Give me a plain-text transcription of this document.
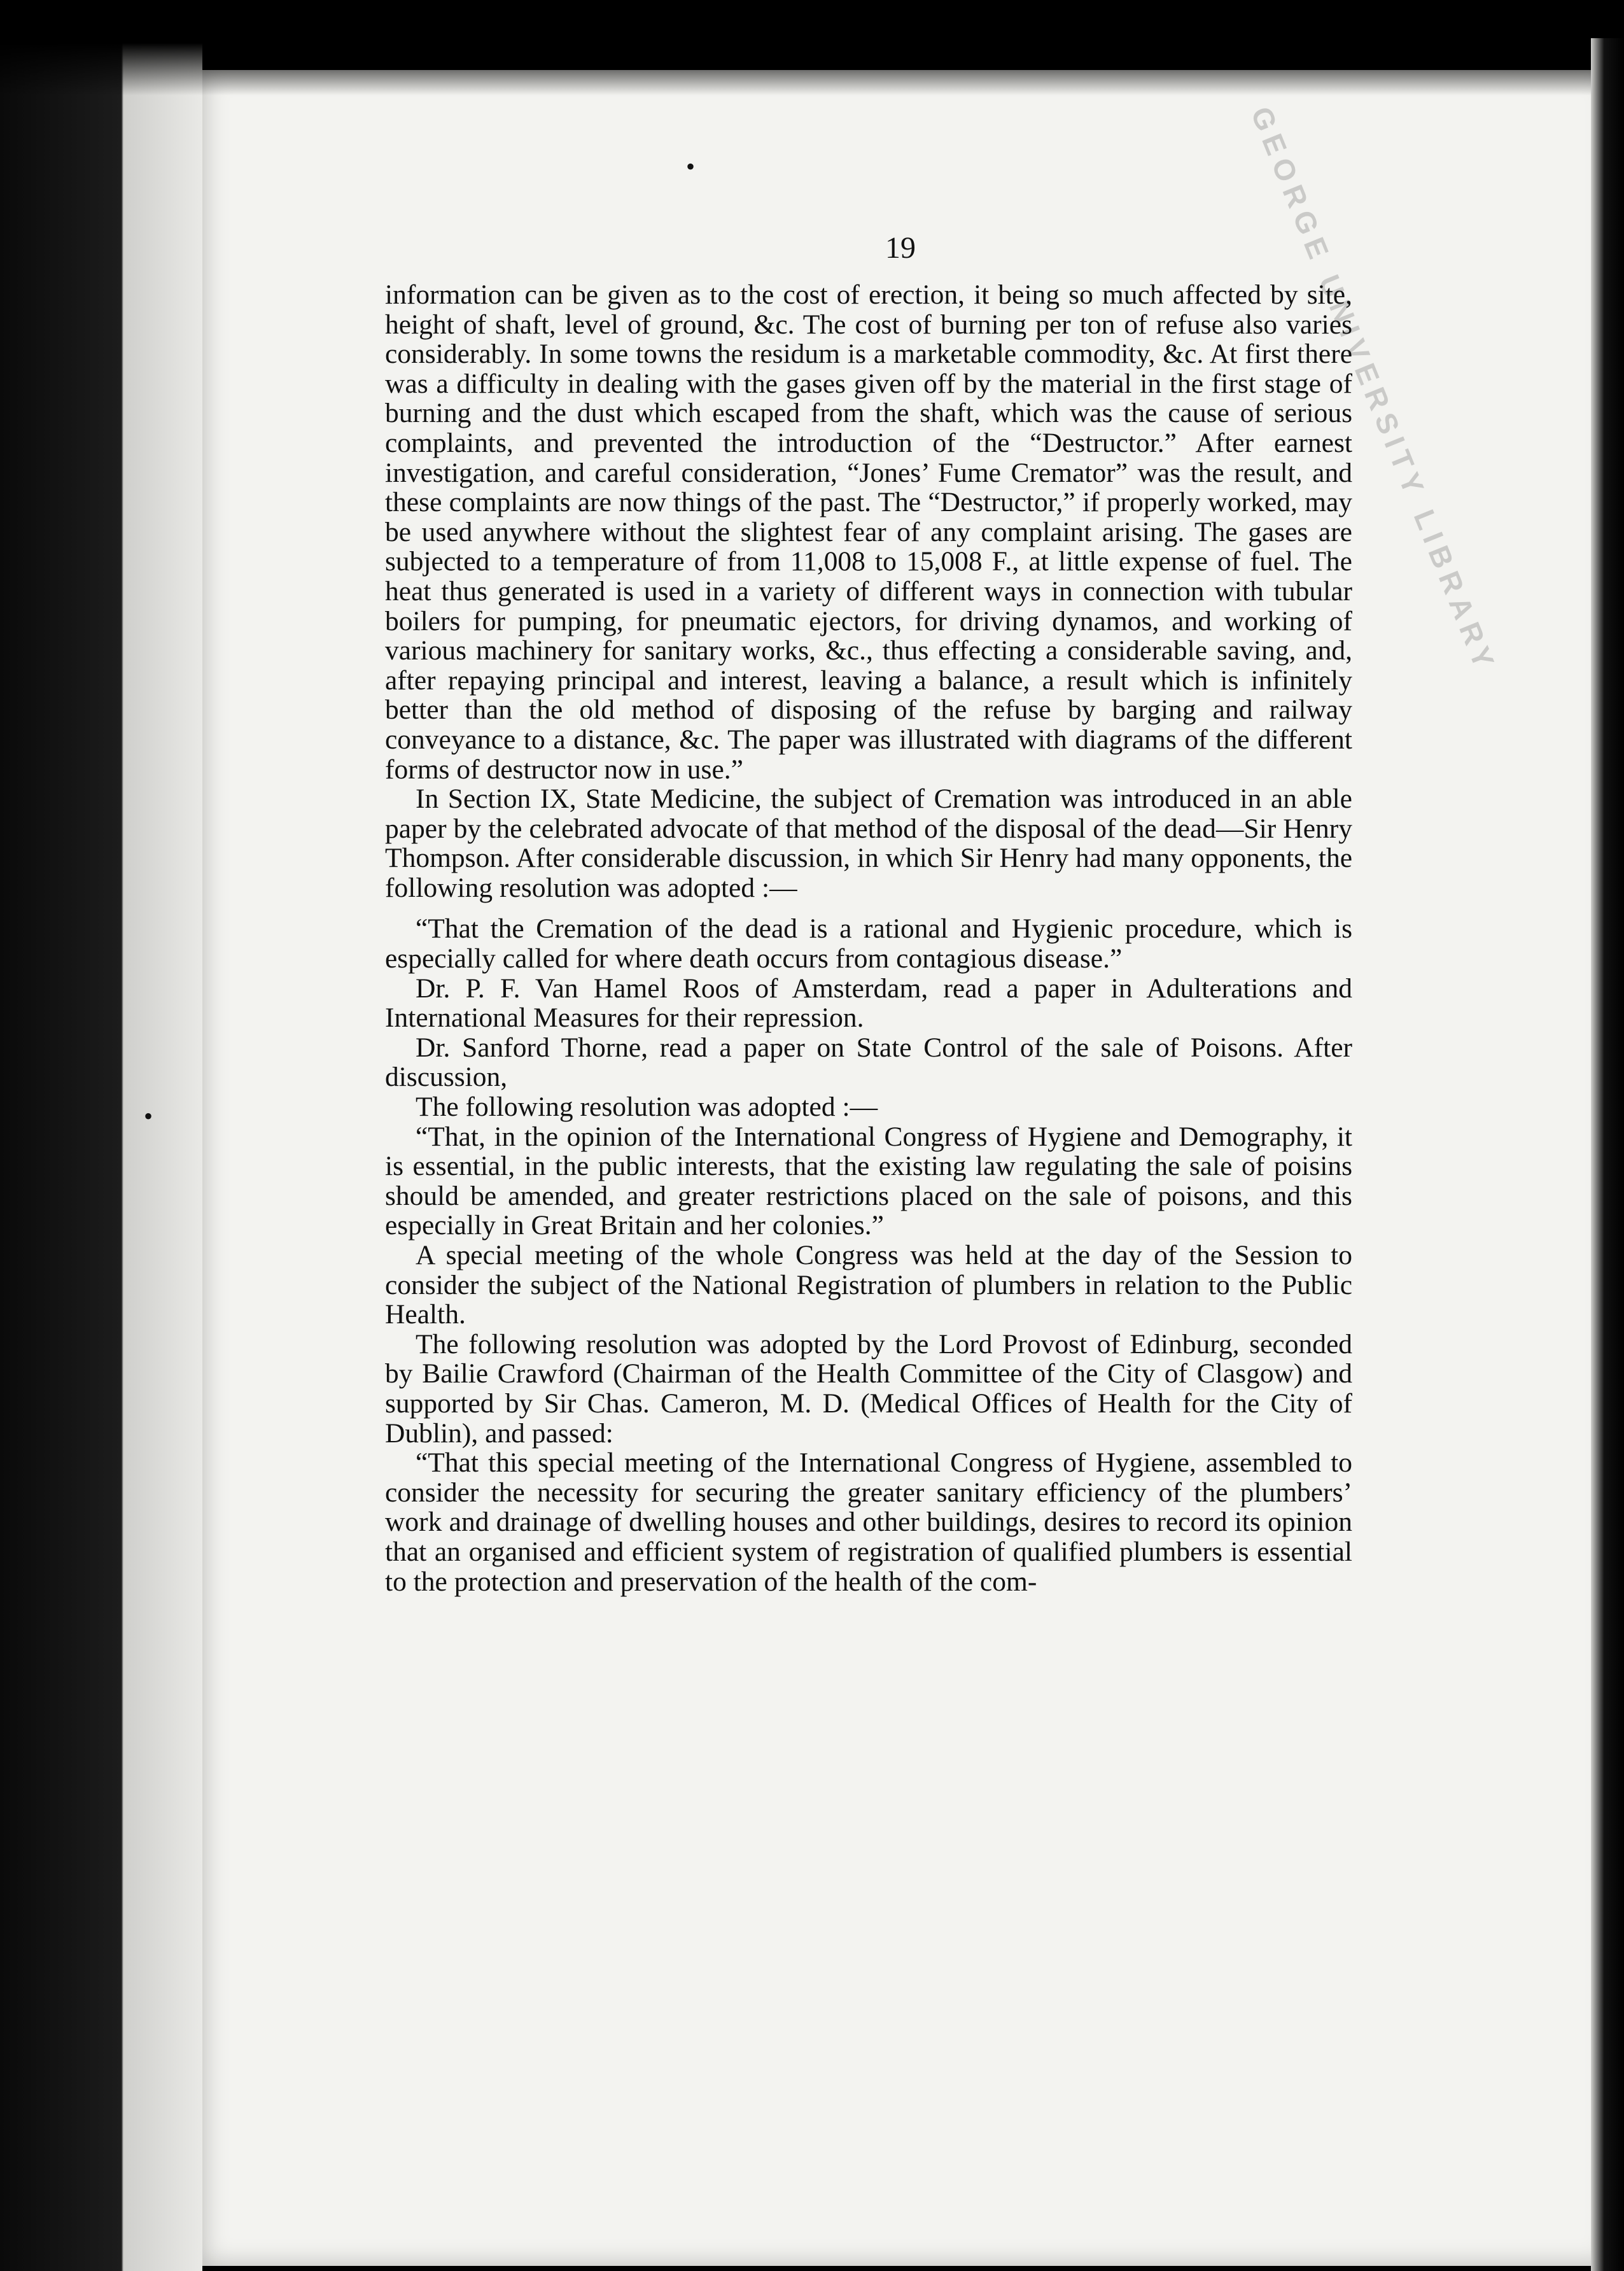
GEORGE UNIVERSITY LIBRARY
19
•
•

information can be given as to the cost of erection, it being so much affected by site, height of shaft, level of ground, &c. The cost of burning per ton of refuse also varies considerably. In some towns the residum is a marketable commodity, &c. At first there was a difficulty in dealing with the gases given off by the material in the first stage of burning and the dust which escaped from the shaft, which was the cause of serious complaints, and prevented the introduction of the “Destructor.” After earnest investigation, and careful consideration, “Jones’ Fume Cremator” was the result, and these complaints are now things of the past. The “Destructor,” if properly worked, may be used anywhere without the slightest fear of any complaint arising. The gases are subjected to a temperature of from 11,008 to 15,008 F., at little expense of fuel. The heat thus generated is used in a variety of different ways in connection with tubular boilers for pumping, for pneumatic ejectors, for driving dynamos, and working of various machinery for sanitary works, &c., thus effecting a considerable saving, and, after repaying principal and interest, leaving a balance, a result which is infinitely better than the old method of disposing of the refuse by barging and railway conveyance to a distance, &c. The paper was illustrated with diagrams of the different forms of destructor now in use.”

In Section IX, State Medicine, the subject of Cremation was introduced in an able paper by the celebrated advocate of that method of the disposal of the dead—Sir Henry Thompson. After considerable discussion, in which Sir Henry had many opponents, the following resolution was adopted :—

“That the Cremation of the dead is a rational and Hygienic procedure, which is especially called for where death occurs from contagious disease.”

Dr. P. F. Van Hamel Roos of Amsterdam, read a paper in Adulterations and International Measures for their repression.

Dr. Sanford Thorne, read a paper on State Control of the sale of Poisons. After discussion,

The following resolution was adopted :—

“That, in the opinion of the International Congress of Hygiene and Demography, it is essential, in the public interests, that the existing law regulating the sale of poisins should be amended, and greater restrictions placed on the sale of poisons, and this especially in Great Britain and her colonies.”

A special meeting of the whole Congress was held at the day of the Session to consider the subject of the National Registration of plumbers in relation to the Public Health.

The following resolution was adopted by the Lord Provost of Edinburg, seconded by Bailie Crawford (Chairman of the Health Committee of the City of Clasgow) and supported by Sir Chas. Cameron, M. D. (Medical Offices of Health for the City of Dublin), and passed:

“That this special meeting of the International Congress of Hygiene, assembled to consider the necessity for securing the greater sanitary efficiency of the plumbers’ work and drainage of dwelling houses and other buildings, desires to record its opinion that an organised and efficient system of registration of qualified plumbers is essential to the protection and preservation of the health of the com-
